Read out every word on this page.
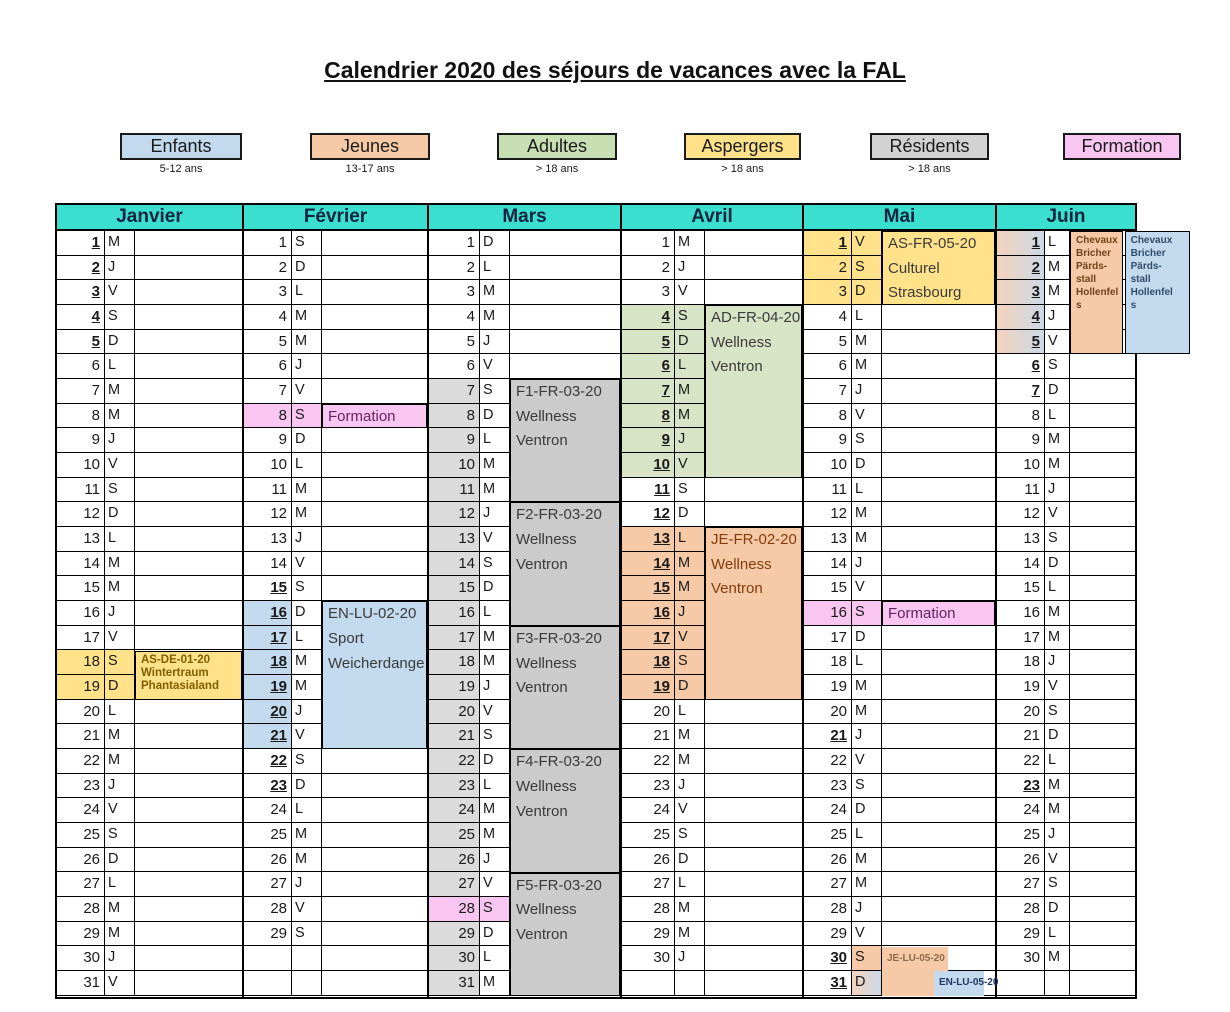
Calendrier 2020 des séjours de vacances avec la FAL
Enfants
5-12 ans
Jeunes
13-17 ans
Adultes
> 18 ans
Aspergers
> 18 ans
Résidents
> 18 ans
Formation
Janvier
1 M
2 J
3 V
4 S
5 D
6 L
7 M
8 M
9 J
10 V
11 S
12 D
13 L
14 M
15 M
16 J
17 V
18 S
19 D
20 L
21 M
22 M
23 J
24 V
25 S
26 D
27 L
28 M
29 M
30 J
31 V
AS-DE-01-20
Wintertraum
Phantasialand
Février
1 S
2 D
3 L
4 M
5 M
6 J
7 V
8 S
9 D
10 L
11 M
12 M
13 J
14 V
15 S
16 D
17 L
18 M
19 M
20 J
21 V
22 S
23 D
24 L
25 M
26 M
27 J
28 V
29 S
Formation
EN-LU-02-20
Sport
Weicherdange
Mars
1 D
2 L
3 M
4 M
5 J
6 V
7 S
8 D
9 L
10 M
11 M
12 J
13 V
14 S
15 D
16 L
17 M
18 M
19 J
20 V
21 S
22 D
23 L
24 M
25 M
26 J
27 V
28 S
29 D
30 L
31 M
F1-FR-03-20
Wellness
Ventron
F2-FR-03-20
Wellness
Ventron
F3-FR-03-20
Wellness
Ventron
F4-FR-03-20
Wellness
Ventron
F5-FR-03-20
Wellness
Ventron
Avril
1 M
2 J
3 V
4 S
5 D
6 L
7 M
8 M
9 J
10 V
11 S
12 D
13 L
14 M
15 M
16 J
17 V
18 S
19 D
20 L
21 M
22 M
23 J
24 V
25 S
26 D
27 L
28 M
29 M
30 J
AD-FR-04-20
Wellness
Ventron
JE-FR-02-20
Wellness
Ventron
Mai
1 V
2 S
3 D
4 L
5 M
6 M
7 J
8 V
9 S
10 D
11 L
12 M
13 M
14 J
15 V
16 S
17 D
18 L
19 M
20 M
21 J
22 V
23 S
24 D
25 L
26 M
27 M
28 J
29 V
30 S
31 D
AS-FR-05-20
Culturel
Strasbourg
Formation
JE-LU-05-20
EN-LU-05-20
Juin
1 L
2 M
3 M
4 J
5 V
6 S
7 D
8 L
9 M
10 M
11 J
12 V
13 S
14 D
15 L
16 M
17 M
18 J
19 V
20 S
21 D
22 L
23 M
24 M
25 J
26 V
27 S
28 D
29 L
30 M
Chevaux
Bricher
Pärds-
stall
Hollenfel
s
Chevaux
Bricher
Pärds-
stall
Hollenfel
s
